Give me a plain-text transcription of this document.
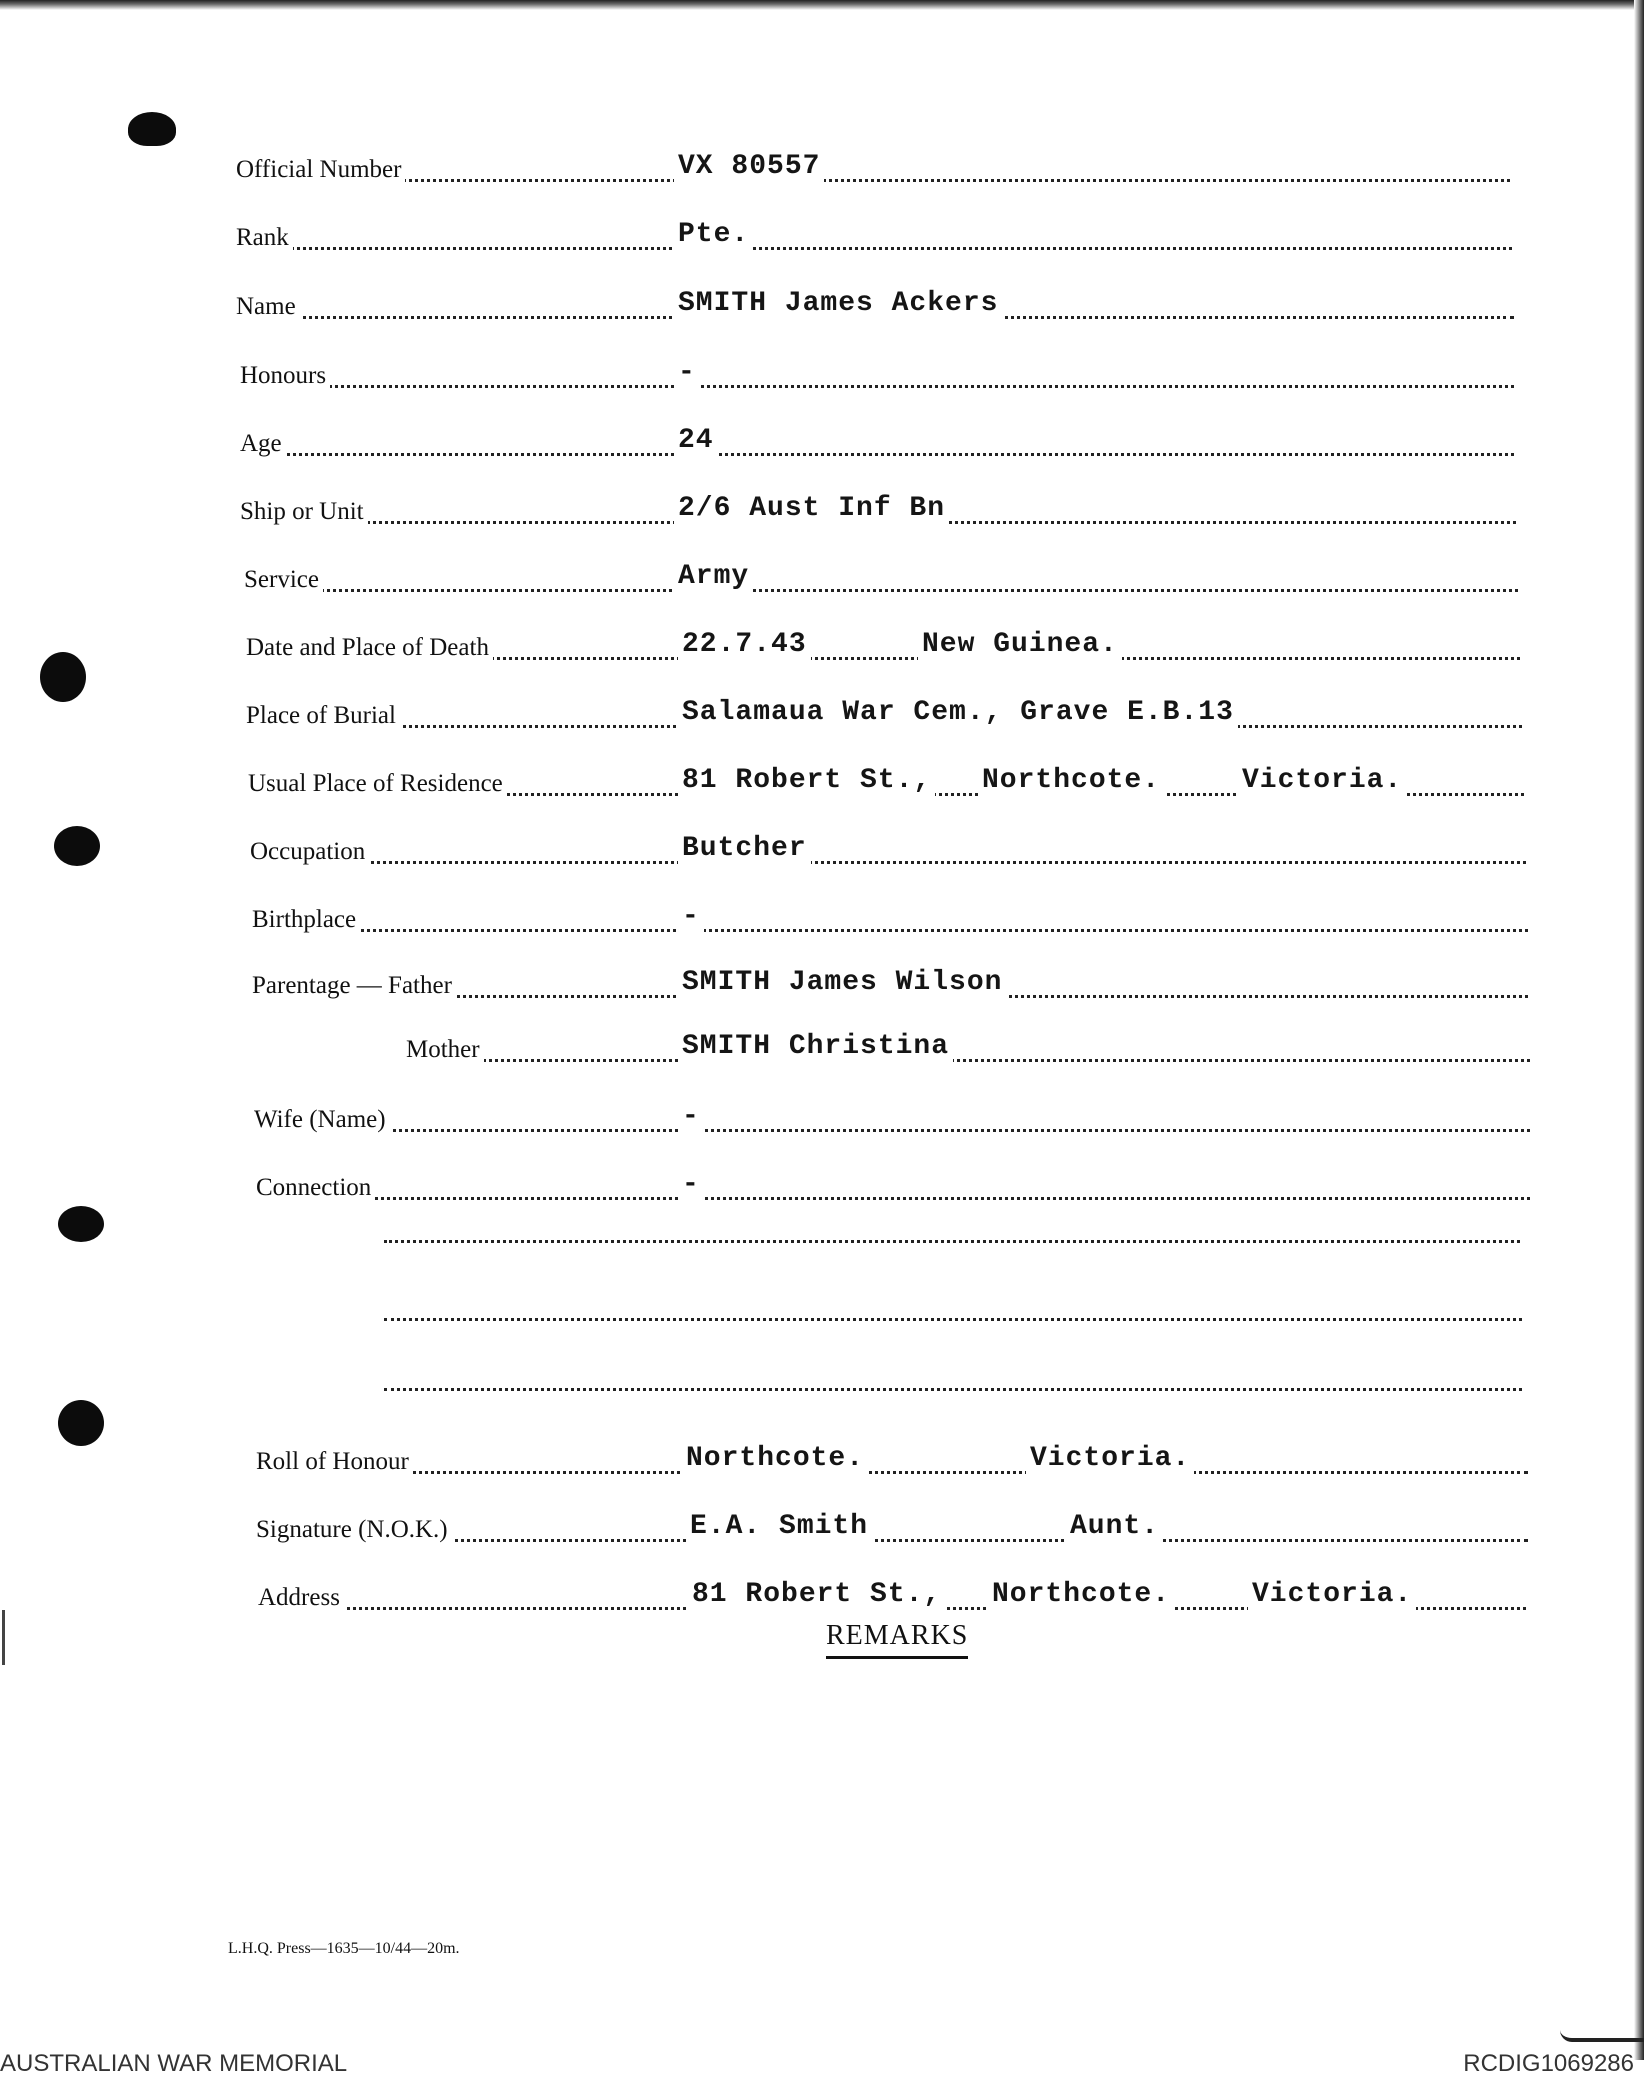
Official Number	VX 80557
Rank	Pte.
Name	SMITH James Ackers
Honours	-
Age	24
Ship or Unit	2/6 Aust Inf Bn
Service	Army
Date and Place of Death	22.7.43	New Guinea.
Place of Burial	Salamaua War Cem., Grave E.B.13
Usual Place of Residence	81 Robert St., Northcote.	Victoria.
Occupation	Butcher
Birthplace	-
Parentage — Father	SMITH James Wilson
Mother	SMITH Christina
Wife (Name)	-
Connection	-
Roll of Honour	Northcote.	Victoria.
Signature (N.O.K.)	E.A. Smith	Aunt.
Address	81 Robert St., Northcote.	Victoria.
REMARKS
L.H.Q. Press—1635—10/44—20m.
AUSTRALIAN WAR MEMORIAL	RCDIG1069286
